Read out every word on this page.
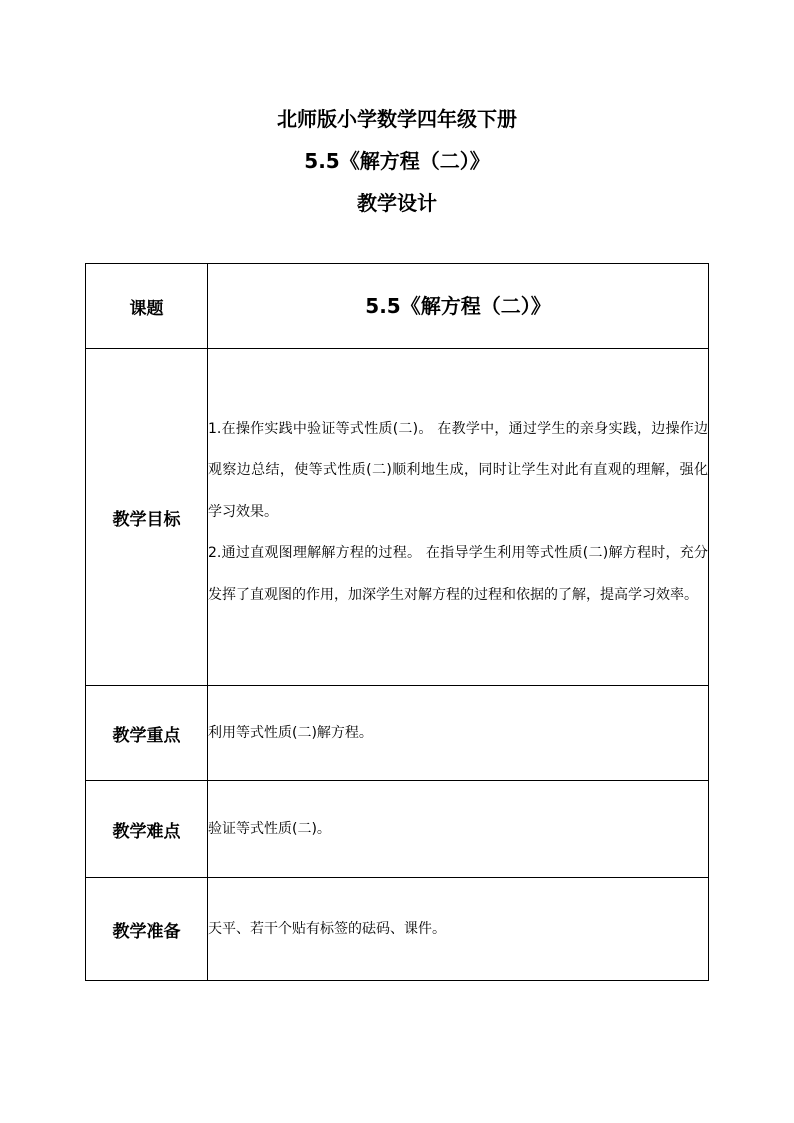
北师版小学数学四年级下册
5.5《解方程（二）》
教学设计
课题	5.5《解方程（二）》
教学目标	1.在操作实践中验证等式性质(二)。 在教学中，通过学生的亲身实践，边操作边观察边总结，使等式性质(二)顺利地生成，同时让学生对此有直观的理解，强化学习效果。

2.通过直观图理解解方程的过程。 在指导学生利用等式性质(二)解方程时，充分发挥了直观图的作用，加深学生对解方程的过程和依据的了解，提高学习效率。

教学重点	利用等式性质(二)解方程。
教学难点	验证等式性质(二)。
教学准备	天平、若干个贴有标签的砝码、课件。
